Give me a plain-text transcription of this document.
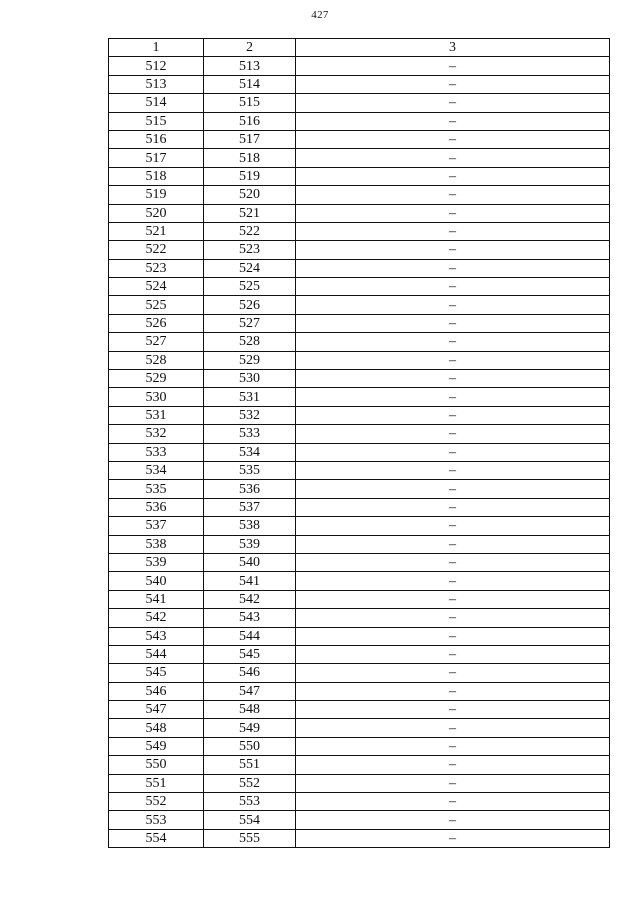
427
1	2	3
512	513	–
513	514	–
514	515	–
515	516	–
516	517	–
517	518	–
518	519	–
519	520	–
520	521	–
521	522	–
522	523	–
523	524	–
524	525	–
525	526	–
526	527	–
527	528	–
528	529	–
529	530	–
530	531	–
531	532	–
532	533	–
533	534	–
534	535	–
535	536	–
536	537	–
537	538	–
538	539	–
539	540	–
540	541	–
541	542	–
542	543	–
543	544	–
544	545	–
545	546	–
546	547	–
547	548	–
548	549	–
549	550	–
550	551	–
551	552	–
552	553	–
553	554	–
554	555	–
